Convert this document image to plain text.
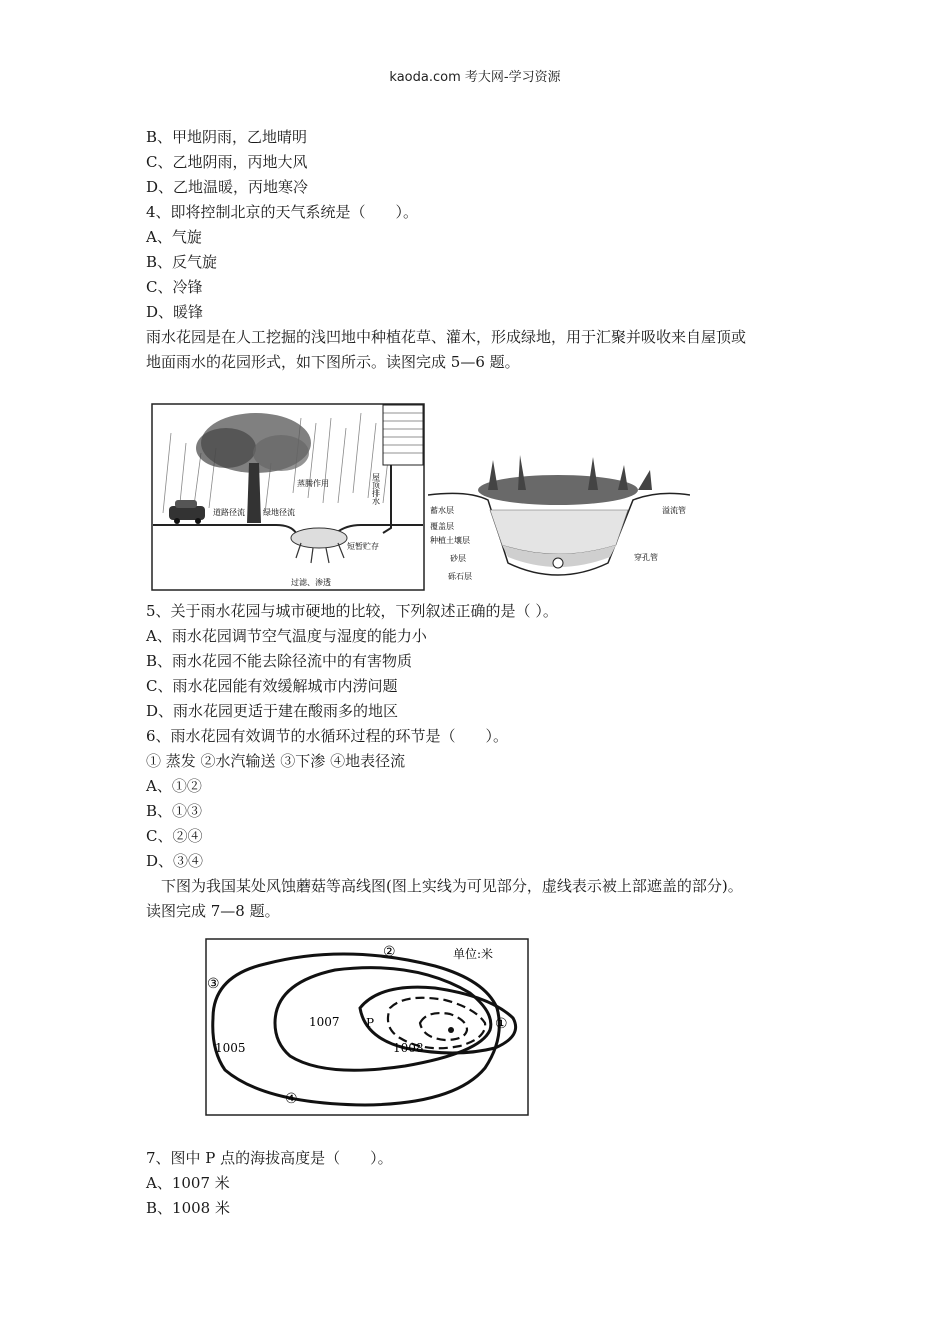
kaoda.com 考大网-学习资源
B、甲地阴雨，乙地晴明
C、乙地阴雨，丙地大风
D、乙地温暖，丙地寒冷
4、即将控制北京的天气系统是（　　）。
A、气旋
B、反气旋
C、冷锋
D、暖锋
雨水花园是在人工挖掘的浅凹地中种植花草、灌木，形成绿地，用于汇聚并吸收来自屋顶或
地面雨水的花园形式，如下图所示。读图完成 5—6 题。
蒸腾作用
道路径流 绿地径流
屋顶排水
短暂贮存
过滤、渗透
蓄水层
覆盖层
种植土壤层
砂层
砾石层
溢流管
穿孔管
5、关于雨水花园与城市硬地的比较，下列叙述正确的是（ ）。
A、雨水花园调节空气温度与湿度的能力小
B、雨水花园不能去除径流中的有害物质
C、雨水花园能有效缓解城市内涝问题
D、雨水花园更适于建在酸雨多的地区
6、雨水花园有效调节的水循环过程的环节是（　　）。
① 蒸发 ②水汽输送 ③下渗 ④地表径流
A、①②
B、①③
C、②④
D、③④
　下图为我国某处风蚀蘑菇等高线图(图上实线为可见部分，虚线表示被上部遮盖的部分)。
读图完成 7—8 题。
单位:米
②
③
①
④
1005
1007
1008
P
7、图中 P 点的海拔高度是（　　）。
A、1007 米
B、1008 米
